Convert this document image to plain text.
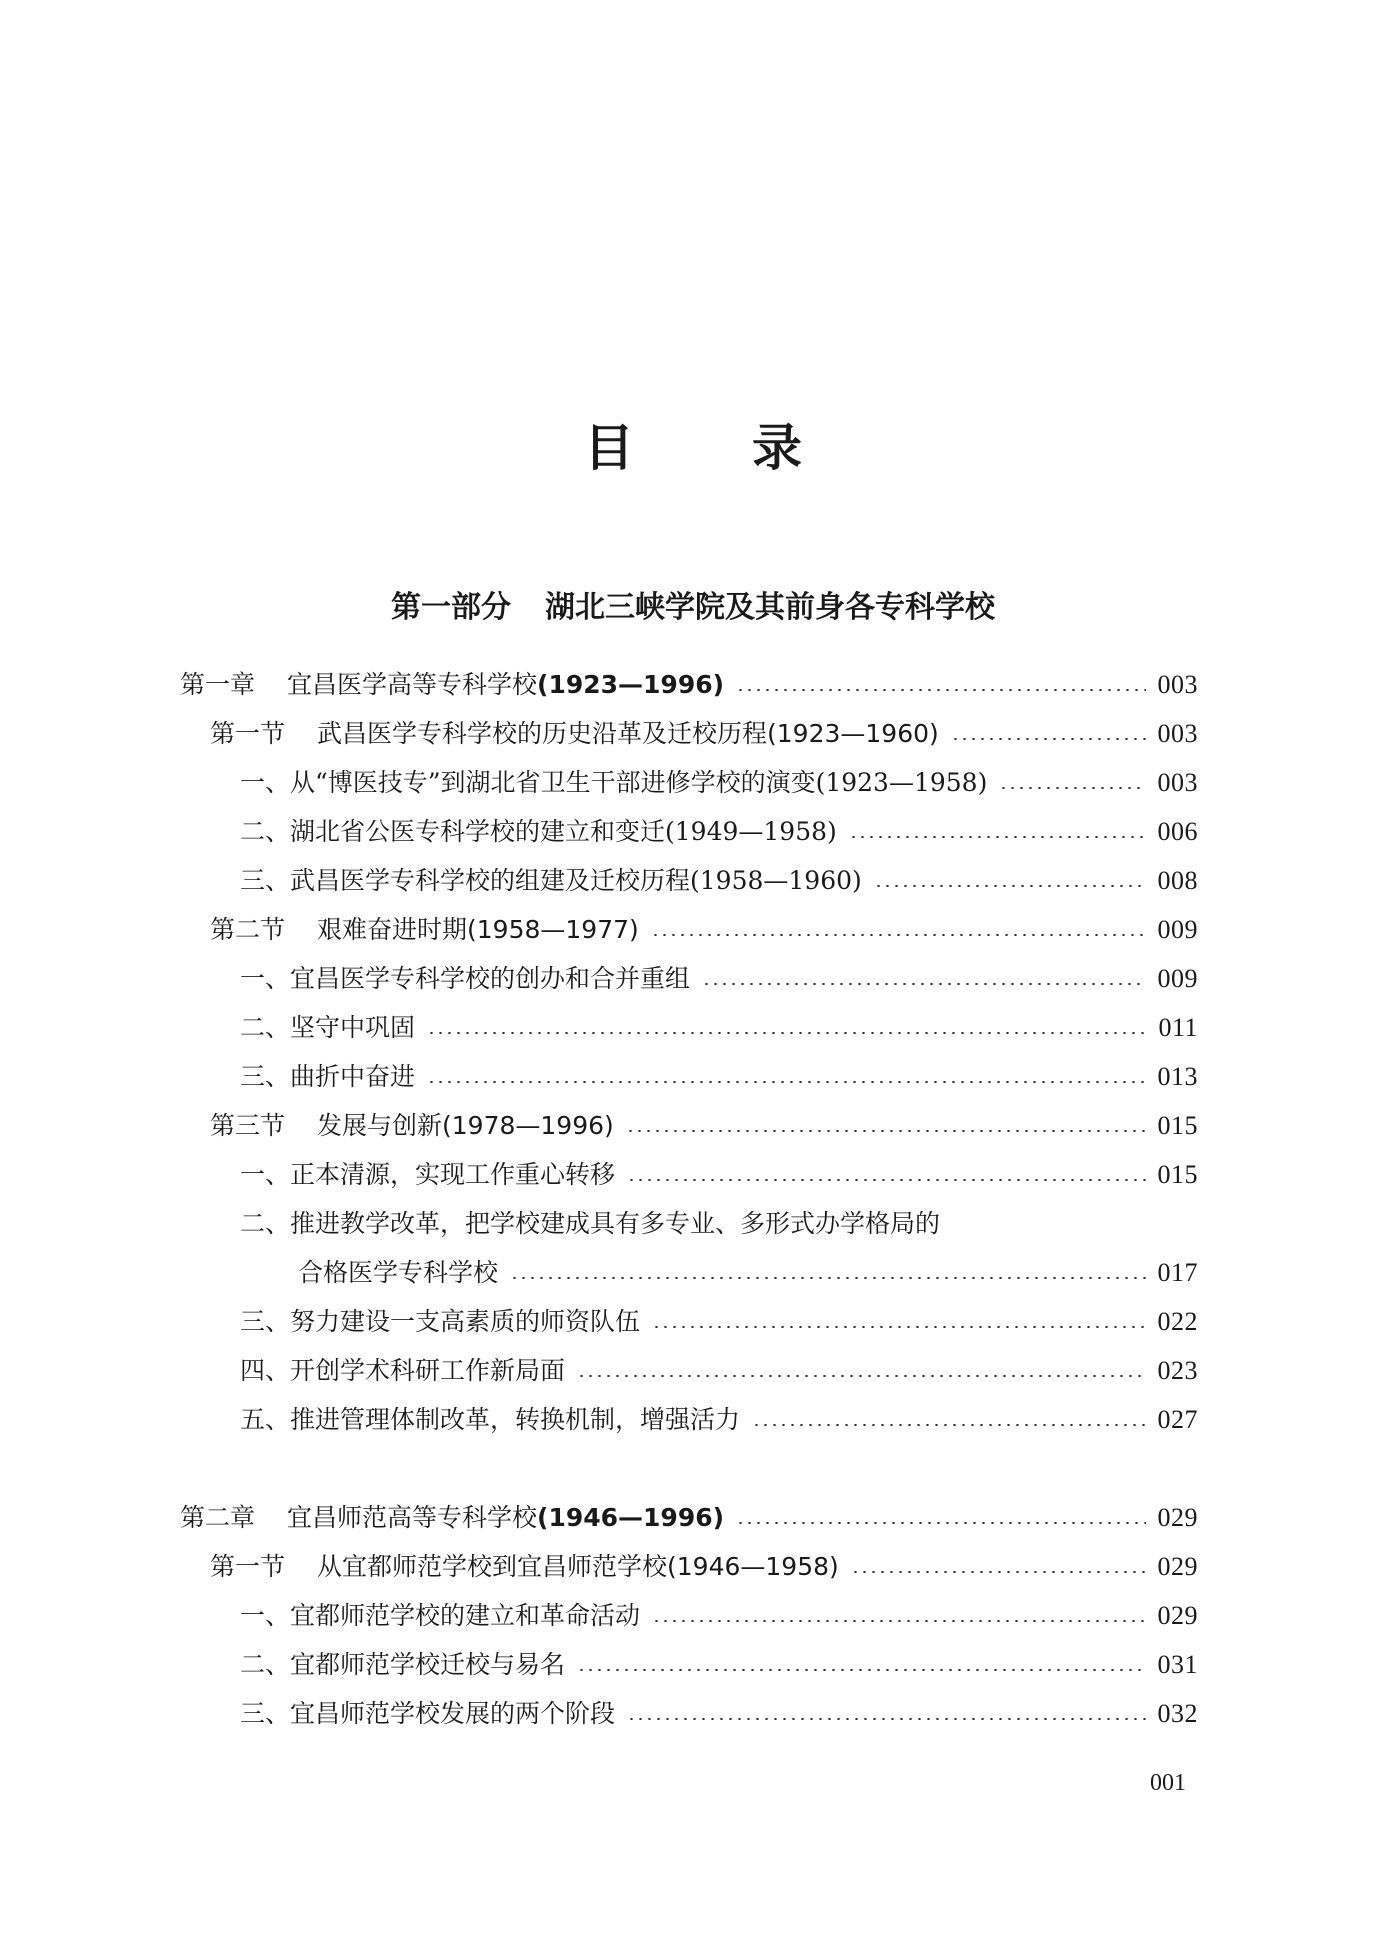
目录
第一部分 湖北三峡学院及其前身各专科学校
第一章 宜昌医学高等专科学校(1923—1996)	003
第一节 武昌医学专科学校的历史沿革及迁校历程(1923—1960)	003
一、从“博医技专”到湖北省卫生干部进修学校的演变(1923—1958)	003
二、湖北省公医专科学校的建立和变迁(1949—1958)	006
三、武昌医学专科学校的组建及迁校历程(1958—1960)	008
第二节 艰难奋进时期(1958—1977)	009
一、宜昌医学专科学校的创办和合并重组	009
二、坚守中巩固	011
三、曲折中奋进	013
第三节 发展与创新(1978—1996)	015
一、正本清源，实现工作重心转移	015
二、推进教学改革，把学校建成具有多专业、多形式办学格局的
合格医学专科学校	017
三、努力建设一支高素质的师资队伍	022
四、开创学术科研工作新局面	023
五、推进管理体制改革，转换机制，增强活力	027
第二章 宜昌师范高等专科学校(1946—1996)	029
第一节 从宜都师范学校到宜昌师范学校(1946—1958)	029
一、宜都师范学校的建立和革命活动	029
二、宜都师范学校迁校与易名	031
三、宜昌师范学校发展的两个阶段	032
001
